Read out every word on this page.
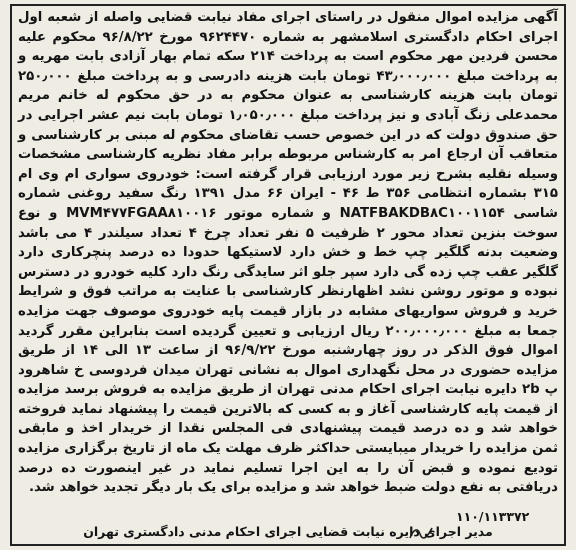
آگهی مزایده اموال منقول در راستای اجرای مفاد نیابت قضایی واصله از شعبه اول اجرای احکام دادگستری اسلامشهر به شماره ۹۶۲۴۴۷۰ مورخ ۹۶/۸/۲۲ محکوم علیه محسن فردین مهر محکوم است به پرداخت ۲۱۴ سکه تمام بهار آزادی بابت مهریه و به پرداخت مبلغ ۴۳٫۰۰۰٫۰۰۰ تومان بابت هزینه دادرسی و به پرداخت مبلغ ۲۵۰٫۰۰۰ تومان بابت هزینه کارشناسی به عنوان محکوم به در حق محکوم له خانم مریم محمدعلی زنگ آبادی و نیز پرداخت مبلغ ۱٫۰۵۰٫۰۰۰ تومان بابت نیم عشر اجرایی در حق صندوق دولت که در این خصوص حسب تقاضای محکوم له مبنی بر کارشناسی و متعاقب آن ارجاع امر به کارشناس مربوطه برابر مفاد نظریه کارشناسی مشخصات وسیله نقلیه بشرح زیر مورد ارزیابی قرار گرفته است: خودروی سواری ام وی ام ۳۱۵ بشماره انتظامی ۳۵۶ ط ۴۶ - ایران ۶۶ مدل ۱۳۹۱ رنگ سفید روغنی شماره شاسی NATFBAKDB۸C۱۰۰۱۱۵۴ و شماره موتور MVM۴۷۷FGAA۸۱۰۰۱۶ و نوع سوخت بنزین تعداد محور ۲ ظرفیت ۵ نفر تعداد چرخ ۴ تعداد سیلندر ۴ می باشد وضعیت بدنه گلگیر چپ خط و خش دارد لاستیکها حدودا ده درصد پنچرکاری دارد گلگیر عقب چپ زده گی دارد سپر جلو اثر سایدگی رنگ دارد کلیه خودرو در دسترس نبوده و موتور روشن نشد اظهارنظر کارشناسی با عنایت به مراتب فوق و شرایط خرید و فروش سواریهای مشابه در بازار قیمت پایه خودروی موصوف جهت مزایده جمعا به مبلغ ۲۰۰٫۰۰۰٫۰۰۰ ریال ارزیابی و تعیین گردیده است بنابراین مقرر گردید اموال فوق الذکر در روز چهارشنبه مورخ ۹۶/۹/۲۲ از ساعت ۱۳ الی ۱۴ از طریق مزایده حضوری در محل نگهداری اموال به نشانی تهران میدان فردوسی خ شاهرود پ ۲b دایره نیابت اجرای احکام مدنی تهران از طریق مزایده به فروش برسد مزایده از قیمت پایه کارشناسی آغاز و به کسی که بالاترین قیمت را پیشنهاد نماید فروخته خواهد شد و ده درصد قیمت پیشنهادی فی المجلس نقدا از خریدار اخذ و مابقی ثمن مزایده را خریدار میبایستی حداکثر ظرف مهلت یک ماه از تاریخ برگزاری مزایده تودیع نموده و قبض آن را به این اجرا تسلیم نماید در غیر اینصورت ده درصد دریافتی به نفع دولت ضبط خواهد شد و مزایده برای یک بار دیگر تجدید خواهد شد.

۱۱۰/۱۱۳۳۷۲
مدیر اجرای دایره نیابت قضایی اجرای احکام مدنی دادگستری تهران
